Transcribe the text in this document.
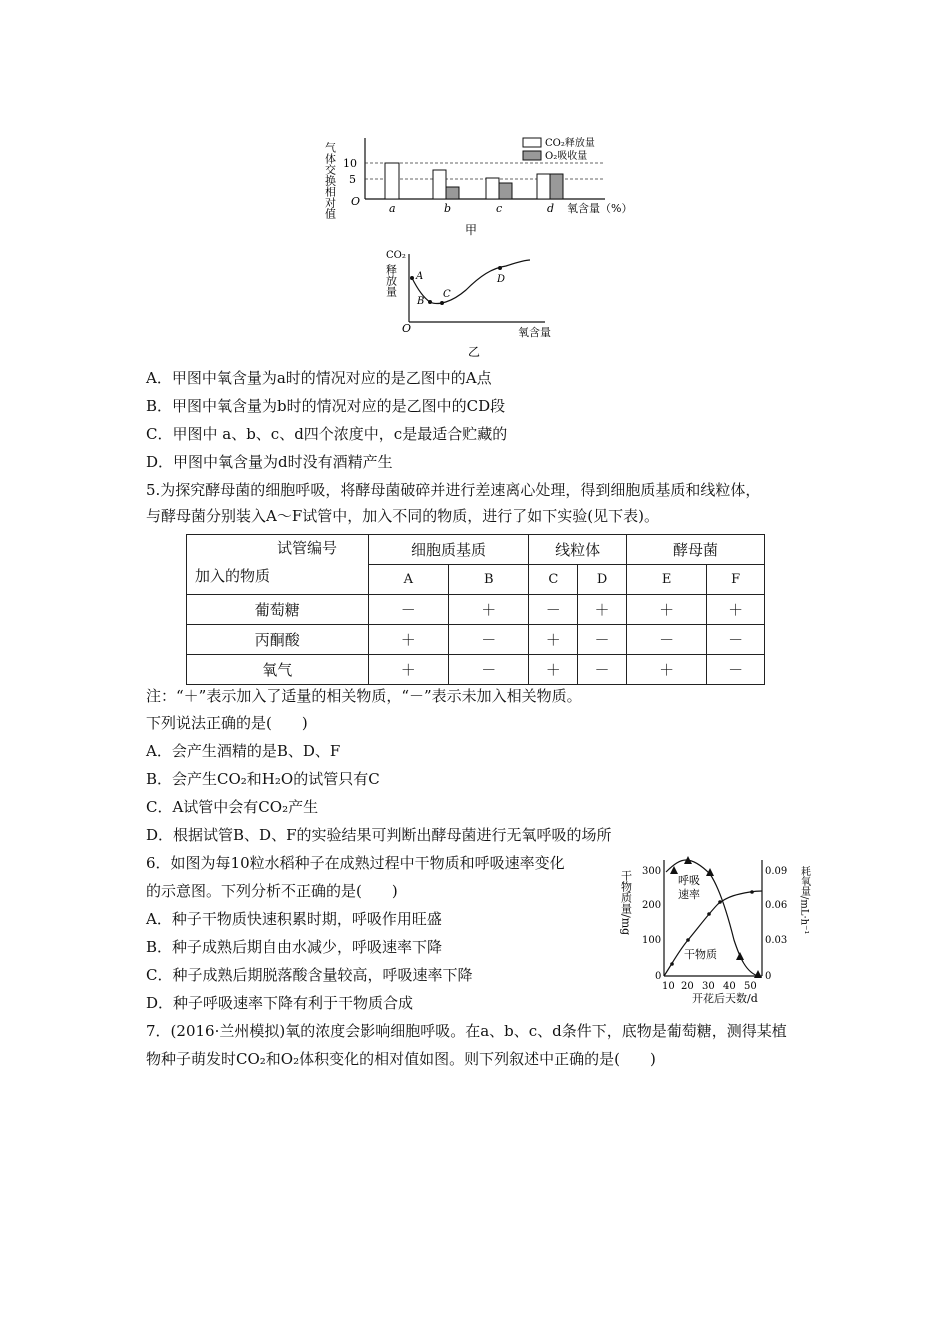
气体交换相对值 10
5
O
a	b	c	d 氧含量（%）
CO₂释放量
O₂吸收量
甲
CO₂
释放量 A
B
C
D
O	氧含量
乙
A．甲图中氧含量为a时的情况对应的是乙图中的A点
B．甲图中氧含量为b时的情况对应的是乙图中的CD段
C．甲图中 a、b、c、d四个浓度中，c是最适合贮藏的
D．甲图中氧含量为d时没有酒精产生
5.为探究酵母菌的细胞呼吸，将酵母菌破碎并进行差速离心处理，得到细胞质基质和线粒体，
与酵母菌分别装入A～F试管中，加入不同的物质，进行了如下实验(见下表)。
试管编号
加入的物质	细胞质基质		线粒体		酵母菌	
	A	B	C	D	E	F
葡萄糖	－	＋	－	＋	＋	＋
丙酮酸	＋	－	＋	－	－	－
氧气	＋	－	＋	－	＋	－
注：“＋”表示加入了适量的相关物质，“－”表示未加入相关物质。
下列说法正确的是(　　)
A．会产生酒精的是B、D、F
B．会产生CO₂和H₂O的试管只有C
C．A试管中会有CO₂产生
D．根据试管B、D、F的实验结果可判断出酵母菌进行无氧呼吸的场所
6．如图为每10粒水稻种子在成熟过程中干物质和呼吸速率变化
的示意图。下列分析不正确的是(　　)
A．种子干物质快速积累时期，呼吸作用旺盛
B．种子成熟后期自由水减少，呼吸速率下降
C．种子成熟后期脱落酸含量较高，呼吸速率下降
D．种子呼吸速率下降有利于干物质合成
干物质量/mg	耗氧量/mL·h⁻¹
300
200
100
0
0.09
0.06
0.03
0
10 20 30 40 50
开花后天数/d
呼吸
速率
干物质
7．(2016·兰州模拟)氧的浓度会影响细胞呼吸。在a、b、c、d条件下，底物是葡萄糖，测得某植
物种子萌发时CO₂和O₂体积变化的相对值如图。则下列叙述中正确的是(　　)
